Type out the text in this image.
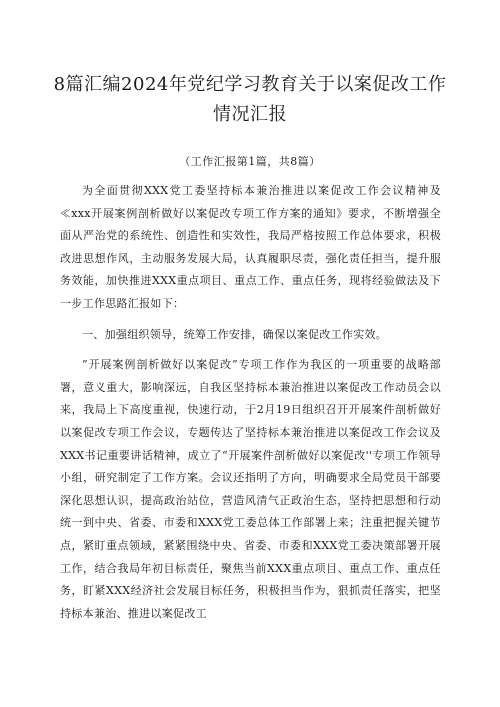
8篇汇编2024年党纪学习教育关于以案促改工作情况汇报
（工作汇报第1篇，共8篇）

为全面贯彻XXX党工委坚持标本兼治推进以案促改工作会议精神及≪xxx开展案例剖析做好以案促改专项工作方案的通知》要求，不断增强全面从严治党的系统性、创造性和实效性，我局严格按照工作总体要求，积极改进思想作风，主动服务发展大局，认真履职尽责，强化责任担当，提升服务效能，加快推进XXX重点项目、重点工作、重点任务，现将经验做法及下一步工作思路汇报如下：

一、加强组织领导，统筹工作安排，确保以案促改工作实效。

”开展案例剖析做好以案促改”专项工作作为我区的一项重要的战略部署，意义重大，影响深远，自我区坚持标本兼治推进以案促改工作动员会以来，我局上下高度重视，快速行动，于2月19日组织召开开展案件剖析做好以案促改专项工作会议，专题传达了坚持标本兼治推进以案促改工作会议及XXX书记重要讲话精神，成立了“开展案件剖析做好以案促改''专项工作领导小组，研究制定了工作方案。会议还指明了方向，明确要求全局党员干部要深化思想认识，提高政治站位，营造风清气正政治生态，坚持把思想和行动统一到中央、省委、市委和XXX党工委总体工作部署上来；注重把握关键节点，紧盯重点领域，紧紧围绕中央、省委、市委和XXX党工委决策部署开展工作，结合我局年初目标责任，聚焦当前XXX重点项目、重点工作、重点任务，盯紧XXX经济社会发展目标任务，积极担当作为，狠抓责任落实，把坚持标本兼治、推进以案促改工
